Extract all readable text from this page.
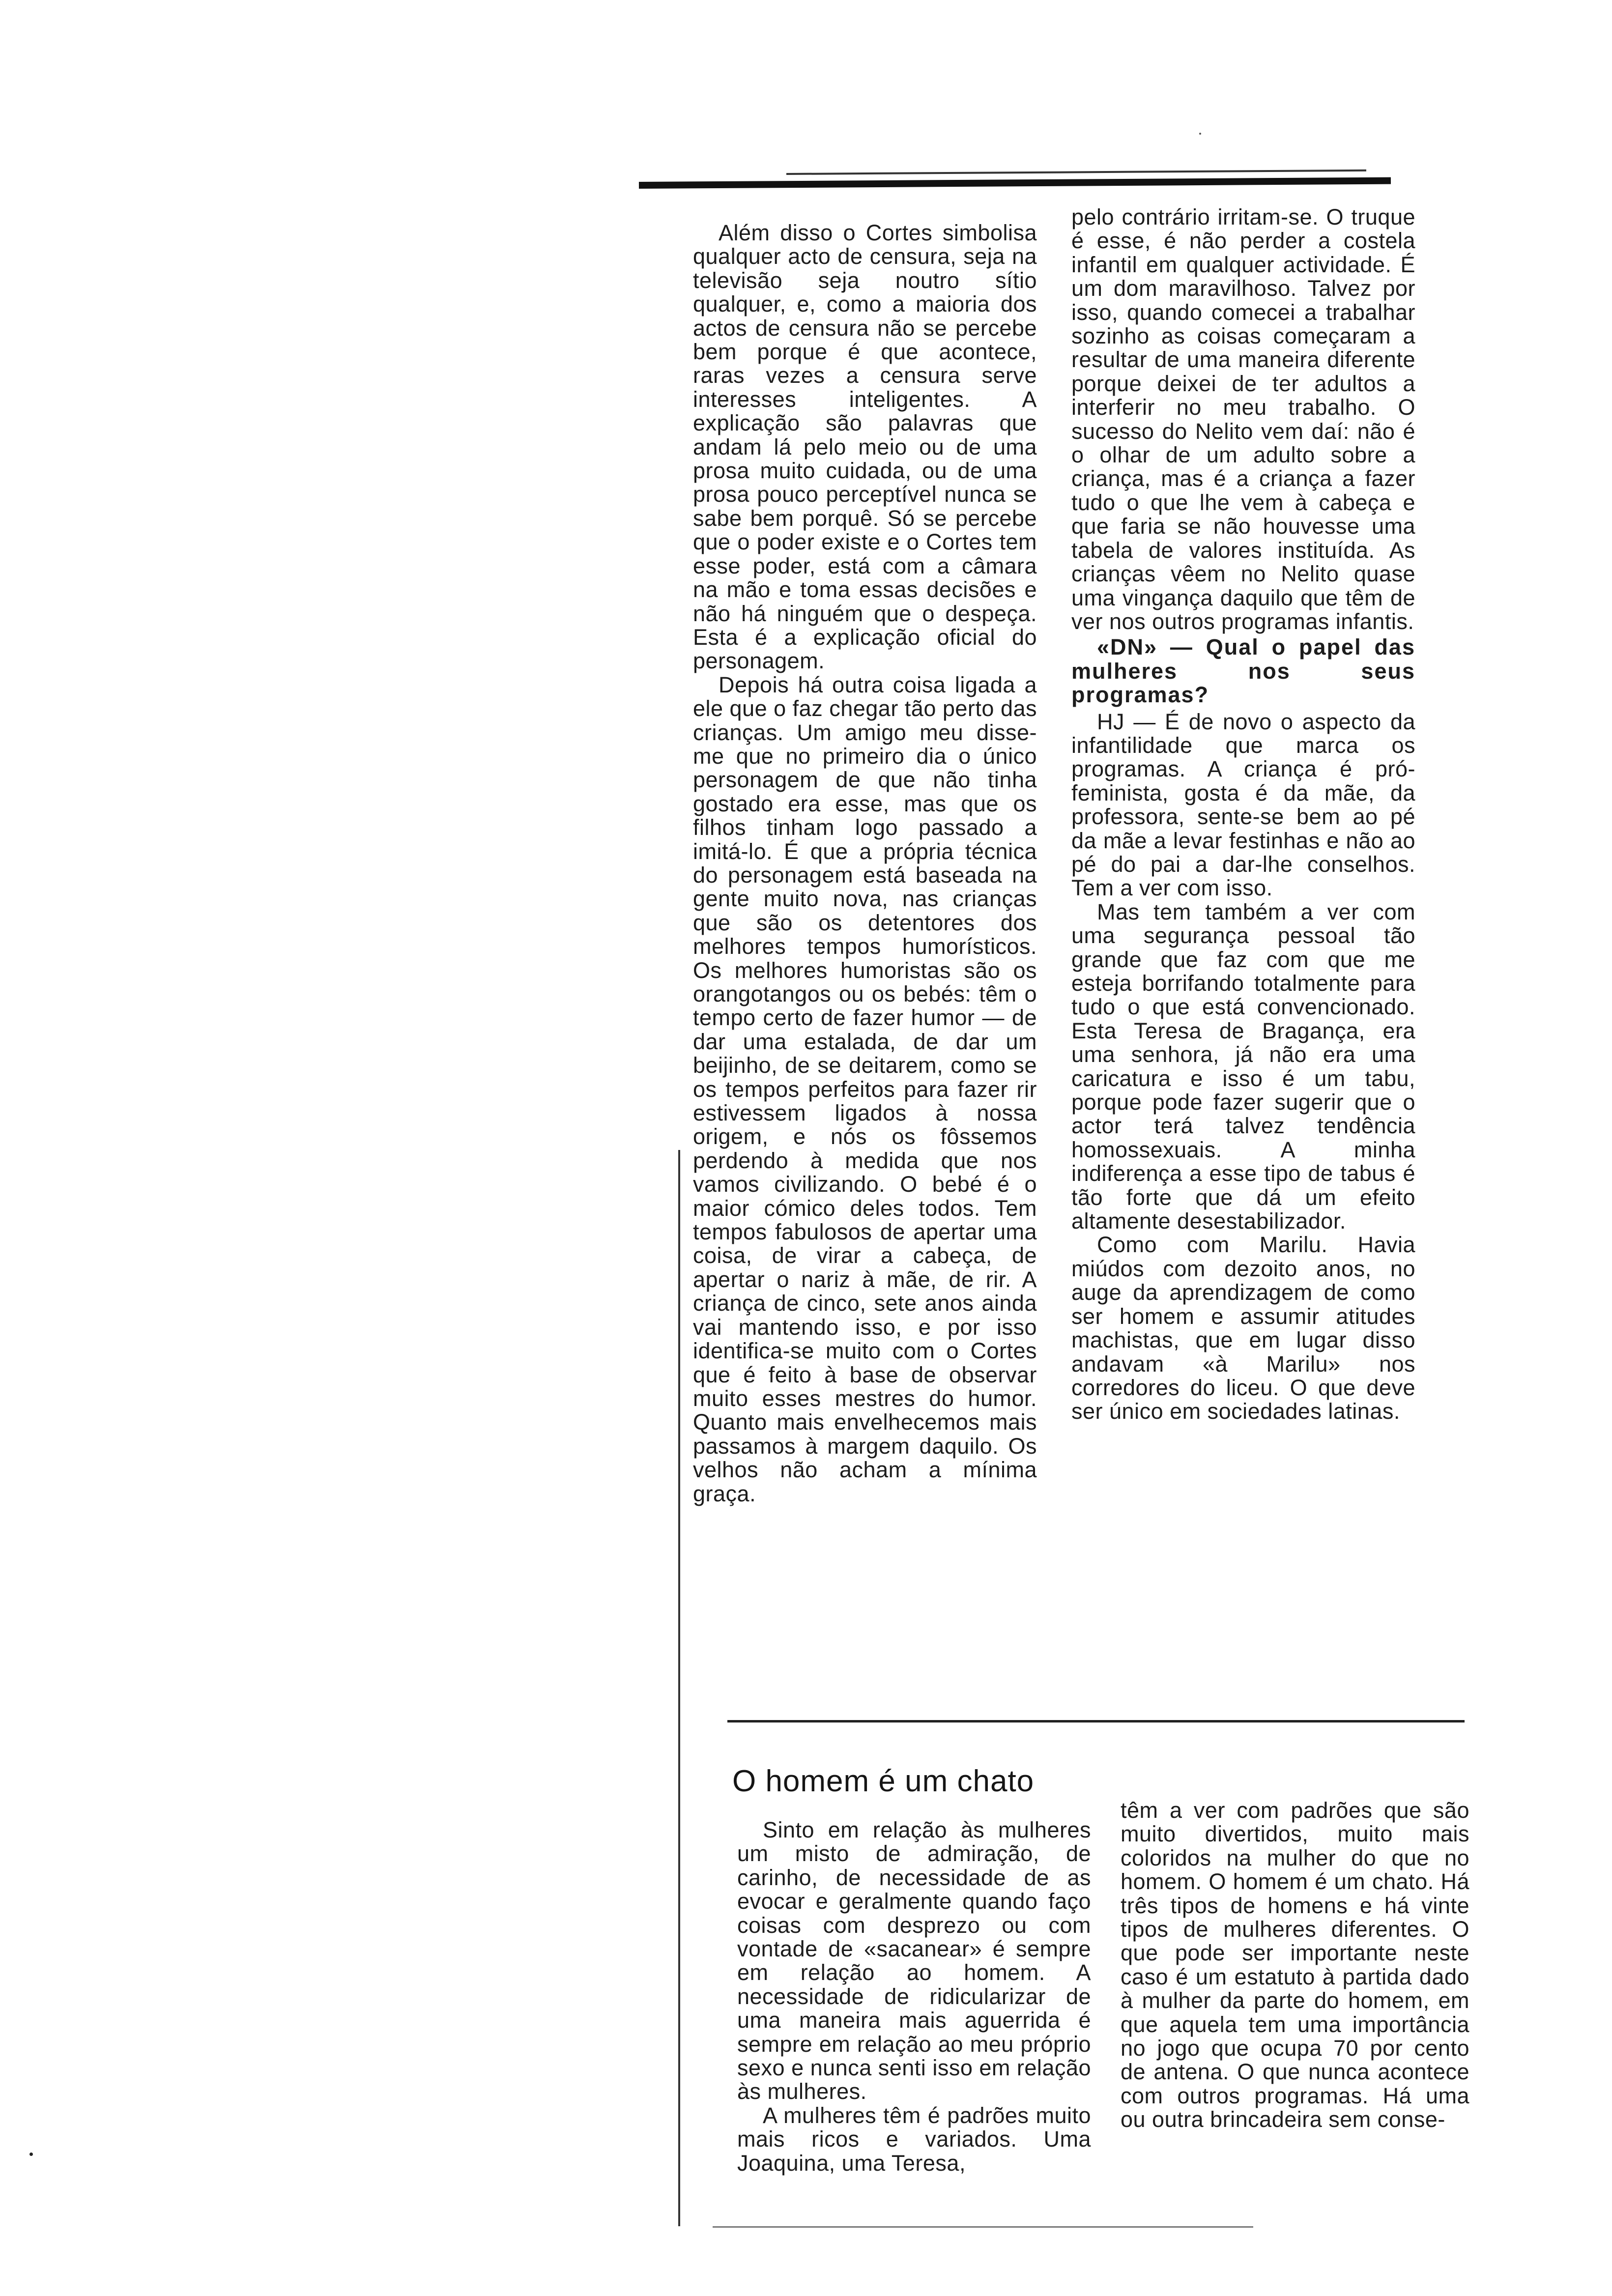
Além disso o Cortes simbolisa qualquer acto de censura, seja na televisão seja noutro sítio qualquer, e, como a maioria dos actos de censura não se percebe bem porque é que acontece, raras vezes a censura serve interesses inteligentes. A explicação são palavras que andam lá pelo meio ou de uma prosa muito cuidada, ou de uma prosa pouco perceptível nunca se sabe bem porquê. Só se percebe que o poder existe e o Cortes tem esse poder, está com a câmara na mão e toma essas decisões e não há ninguém que o despeça. Esta é a explicação oficial do personagem.

Depois há outra coisa ligada a ele que o faz chegar tão perto das crianças. Um amigo meu disse-me que no primeiro dia o único personagem de que não tinha gostado era esse, mas que os filhos tinham logo passado a imitá-lo. É que a própria técnica do personagem está baseada na gente muito nova, nas crianças que são os detentores dos melhores tempos humorísticos. Os melhores humoristas são os orangotangos ou os bebés: têm o tempo certo de fazer humor — de dar uma estalada, de dar um beijinho, de se deitarem, como se os tempos perfeitos para fazer rir estivessem ligados à nossa origem, e nós os fôssemos perdendo à medida que nos vamos civilizando. O bebé é o maior cómico deles todos. Tem tempos fabulosos de apertar uma coisa, de virar a cabeça, de apertar o nariz à mãe, de rir. A criança de cinco, sete anos ainda vai mantendo isso, e por isso identifica-se muito com o Cortes que é feito à base de observar muito esses mestres do humor. Quanto mais envelhecemos mais passamos à margem daquilo. Os velhos não acham a mínima graça.

pelo contrário irritam-se. O truque é esse, é não perder a costela infantil em qualquer actividade. É um dom maravilhoso. Talvez por isso, quando comecei a trabalhar sozinho as coisas começaram a resultar de uma maneira diferente porque deixei de ter adultos a interferir no meu trabalho. O sucesso do Nelito vem daí: não é o olhar de um adulto sobre a criança, mas é a criança a fazer tudo o que lhe vem à cabeça e que faria se não houvesse uma tabela de valores instituída. As crianças vêem no Nelito quase uma vingança daquilo que têm de ver nos outros programas infantis.

«DN» — Qual o papel das mulheres nos seus programas?

HJ — É de novo o aspecto da infantilidade que marca os programas. A criança é pró-feminista, gosta é da mãe, da professora, sente-se bem ao pé da mãe a levar festinhas e não ao pé do pai a dar-lhe conselhos. Tem a ver com isso.

Mas tem também a ver com uma segurança pessoal tão grande que faz com que me esteja borrifando totalmente para tudo o que está convencionado. Esta Teresa de Bragança, era uma senhora, já não era uma caricatura e isso é um tabu, porque pode fazer sugerir que o actor terá talvez tendência homossexuais. A minha indiferença a esse tipo de tabus é tão forte que dá um efeito altamente desestabilizador.

Como com Marilu. Havia miúdos com dezoito anos, no auge da aprendizagem de como ser homem e assumir atitudes machistas, que em lugar disso andavam «à Marilu» nos corredores do liceu. O que deve ser único em sociedades latinas.

O homem é um chato

Sinto em relação às mulheres um misto de admiração, de carinho, de necessidade de as evocar e geralmente quando faço coisas com desprezo ou com vontade de «sacanear» é sempre em relação ao homem. A necessidade de ridicularizar de uma maneira mais aguerrida é sempre em relação ao meu próprio sexo e nunca senti isso em relação às mulheres.

A mulheres têm é padrões muito mais ricos e variados. Uma Joaquina, uma Teresa,

têm a ver com padrões que são muito divertidos, muito mais coloridos na mulher do que no homem. O homem é um chato. Há três tipos de homens e há vinte tipos de mulheres diferentes. O que pode ser importante neste caso é um estatuto à partida dado à mulher da parte do homem, em que aquela tem uma importância no jogo que ocupa 70 por cento de antena. O que nunca acontece com outros programas. Há uma ou outra brincadeira sem conse-
